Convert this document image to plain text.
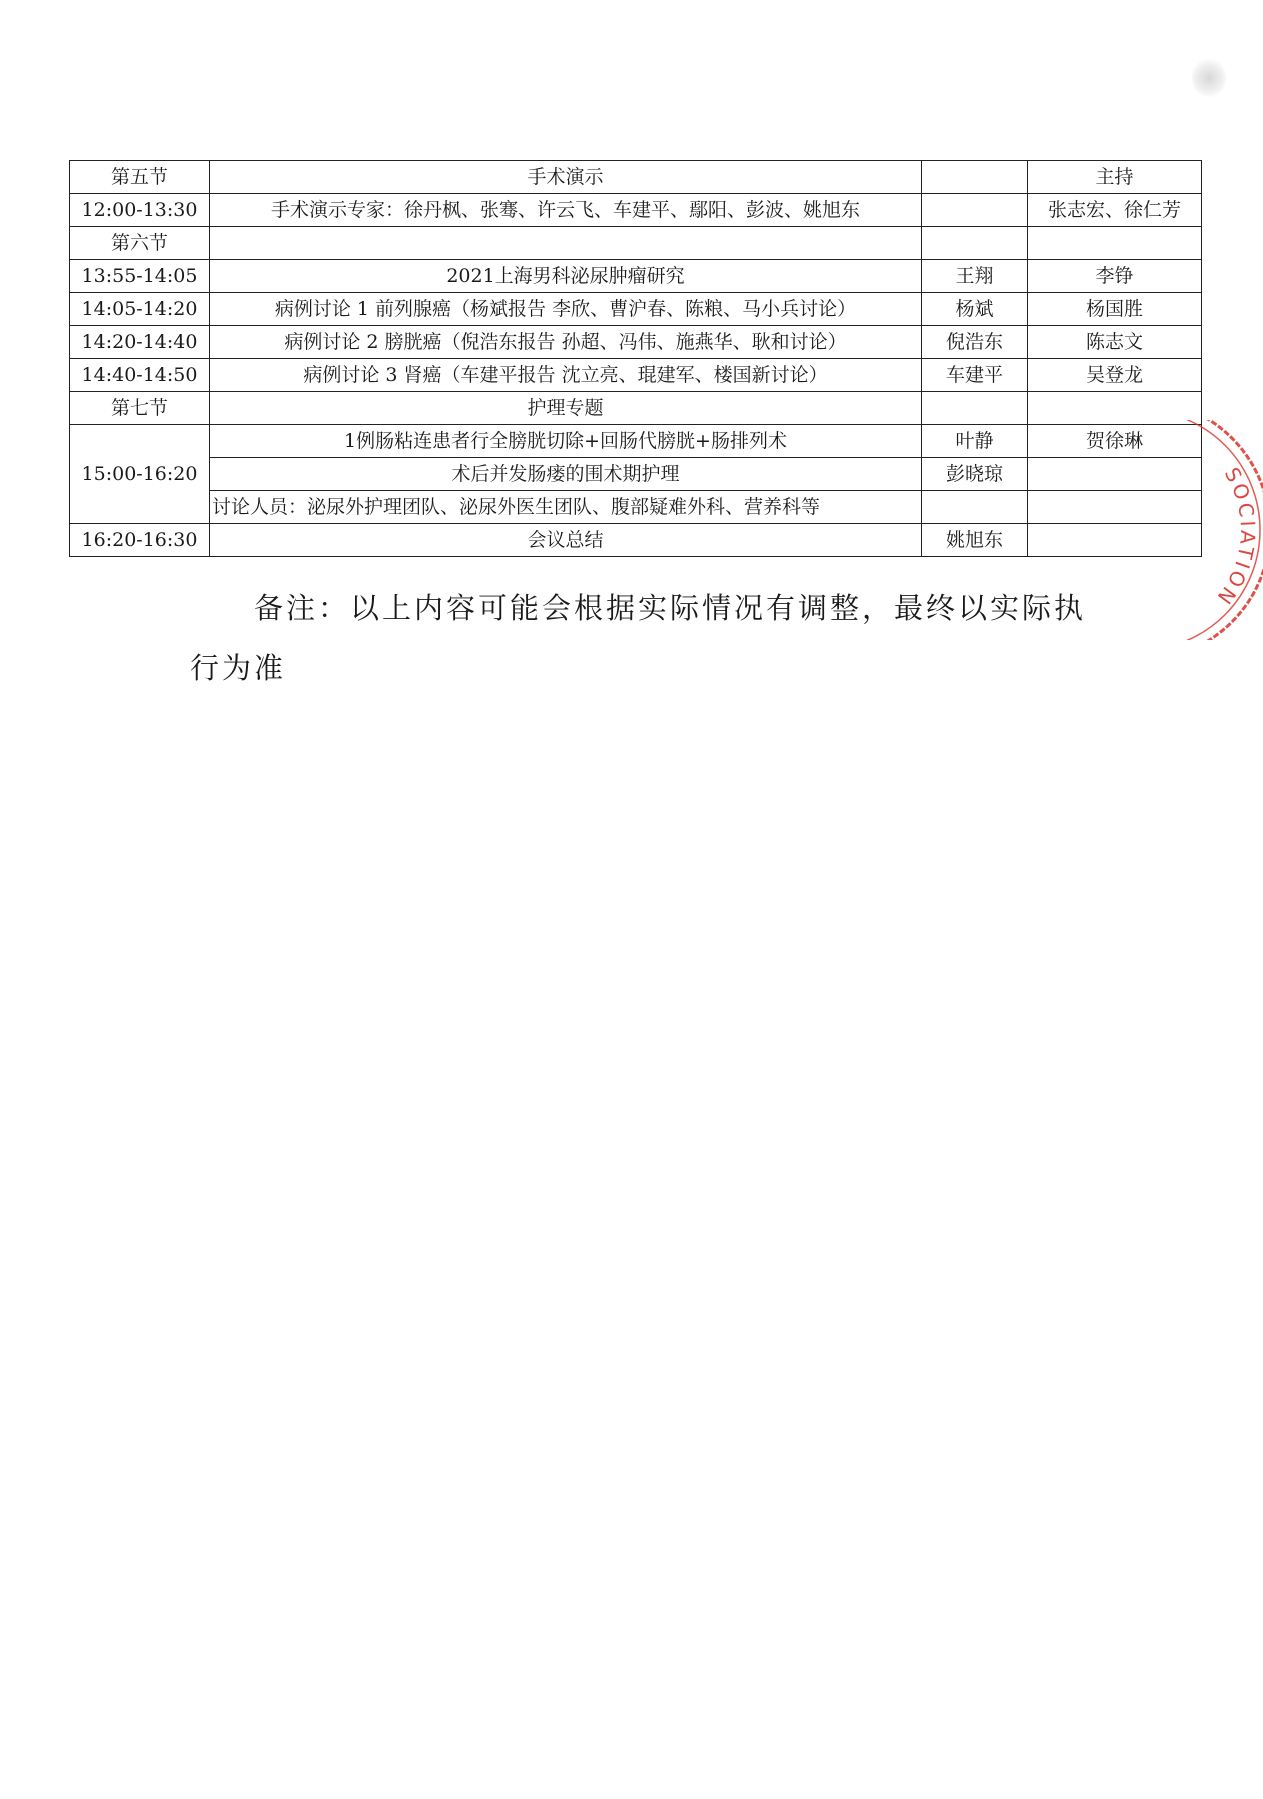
第五节	手术演示		主持
12:00-13:30	手术演示专家：徐丹枫、张骞、许云飞、车建平、鄢阳、彭波、姚旭东		张志宏、徐仁芳
第六节			
13:55-14:05	2021上海男科泌尿肿瘤研究	王翔	李铮
14:05-14:20	病例讨论 1 前列腺癌（杨斌报告 李欣、曹沪春、陈粮、马小兵讨论）	杨斌	杨国胜
14:20-14:40	病例讨论 2 膀胱癌（倪浩东报告 孙超、冯伟、施燕华、耿和讨论）	倪浩东	陈志文
14:40-14:50	病例讨论 3 肾癌（车建平报告 沈立亮、琨建军、楼国新讨论）	车建平	吴登龙
第七节	护理专题		
15:00-16:20	1例肠粘连患者行全膀胱切除+回肠代膀胱+肠排列术	叶静	贺徐琳
	术后并发肠瘘的围术期护理	彭晓琼	
	讨论人员：泌尿外护理团队、泌尿外医生团队、腹部疑难外科、营养科等		
16:20-16:30	会议总结	姚旭东	

备注：以上内容可能会根据实际情况有调整，最终以实际执行为准

SOCIATION
